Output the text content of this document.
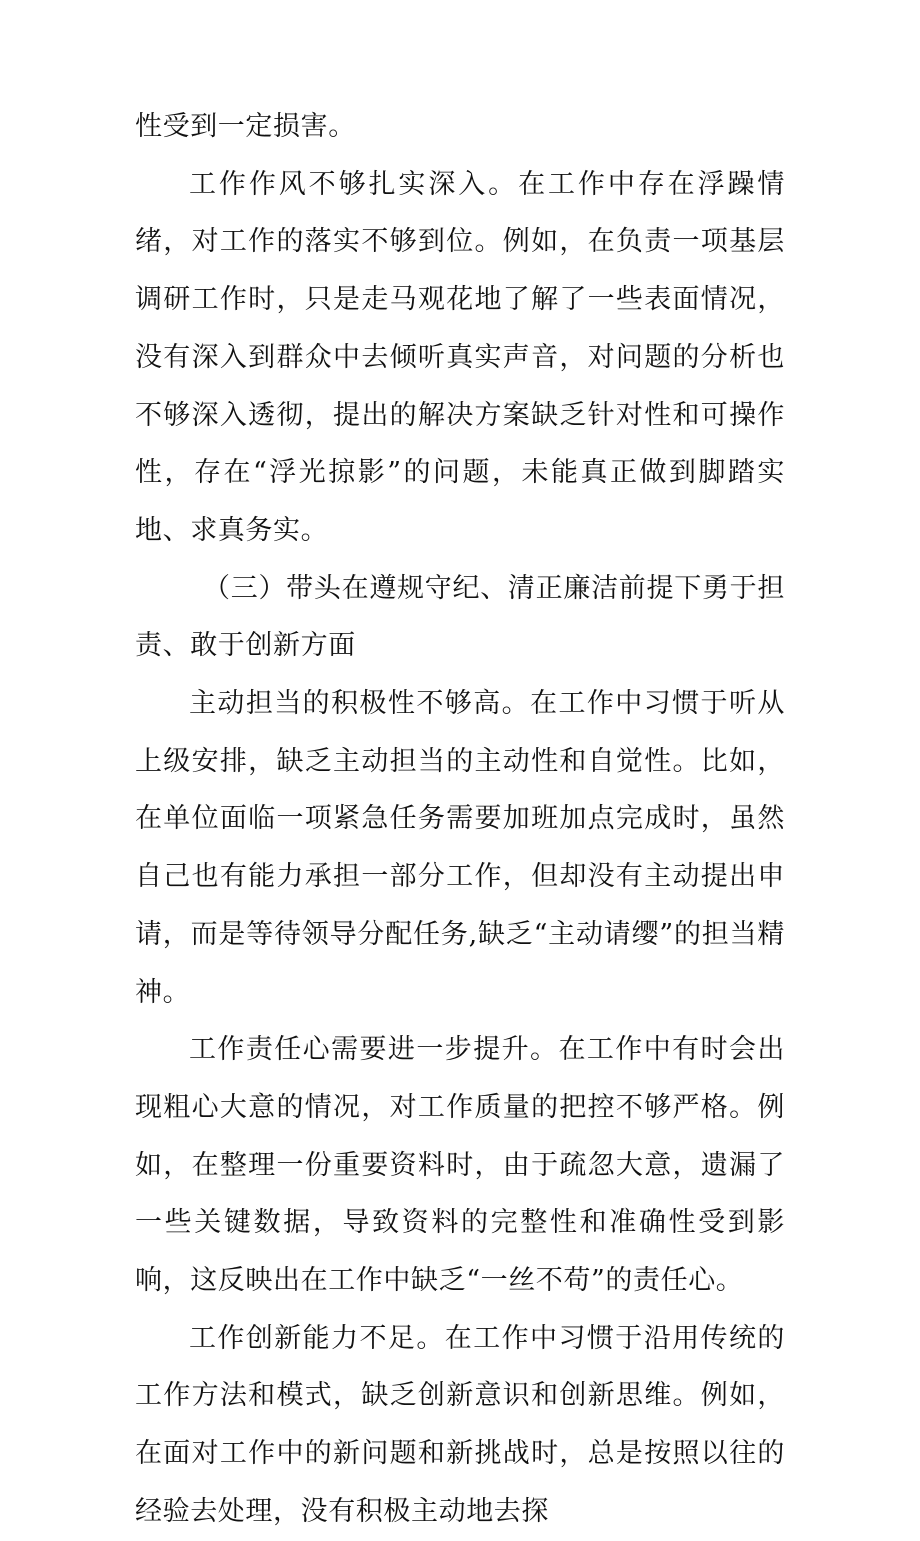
性受到一定损害。

工作作风不够扎实深入。在工作中存在浮躁情绪，对工作的落实不够到位。例如，在负责一项基层调研工作时，只是走马观花地了解了一些表面情况，没有深入到群众中去倾听真实声音，对问题的分析也不够深入透彻，提出的解决方案缺乏针对性和可操作性，存在“浮光掠影”的问题，未能真正做到脚踏实地、求真务实。

（三）带头在遵规守纪、清正廉洁前提下勇于担责、敢于创新方面

主动担当的积极性不够高。在工作中习惯于听从上级安排，缺乏主动担当的主动性和自觉性。比如，在单位面临一项紧急任务需要加班加点完成时，虽然自己也有能力承担一部分工作，但却没有主动提出申请，而是等待领导分配任务,缺乏“主动请缨”的担当精神。

工作责任心需要进一步提升。在工作中有时会出现粗心大意的情况，对工作质量的把控不够严格。例如，在整理一份重要资料时，由于疏忽大意，遗漏了一些关键数据，导致资料的完整性和准确性受到影响，这反映出在工作中缺乏“一丝不苟”的责任心。

工作创新能力不足。在工作中习惯于沿用传统的工作方法和模式，缺乏创新意识和创新思维。例如，在面对工作中的新问题和新挑战时，总是按照以往的经验去处理，没有积极主动地去探
